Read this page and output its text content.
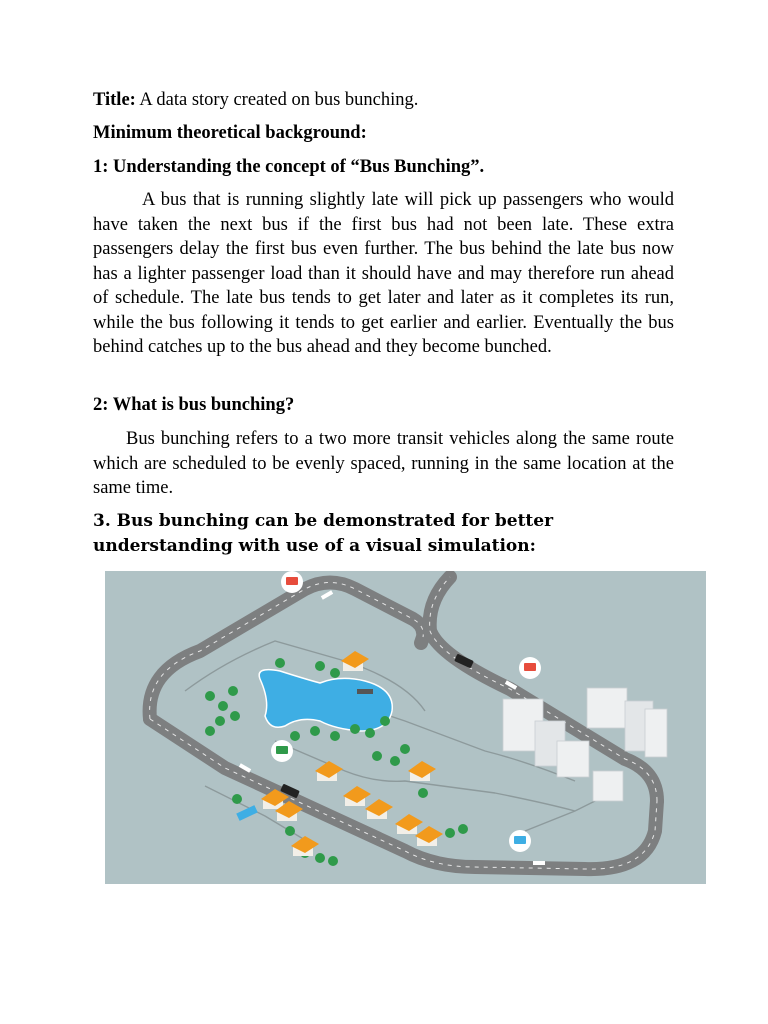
Title: A data story created on bus bunching.

Minimum theoretical background:

1: Understanding the concept of “Bus Bunching”.

A bus that is running slightly late will pick up passengers who would have taken the next bus if the first bus had not been late. These extra passengers delay the first bus even further. The bus behind the late bus now has a lighter passenger load than it should have and may therefore run ahead of schedule. The late bus tends to get later and later as it completes its run, while the bus following it tends to get earlier and earlier. Eventually the bus behind catches up to the bus ahead and they become bunched.

2: What is bus bunching?

Bus bunching refers to a two more transit vehicles along the same route which are scheduled to be evenly spaced, running in the same location at the same time.

3. Bus bunching can be demonstrated for better understanding with use of a visual simulation:
